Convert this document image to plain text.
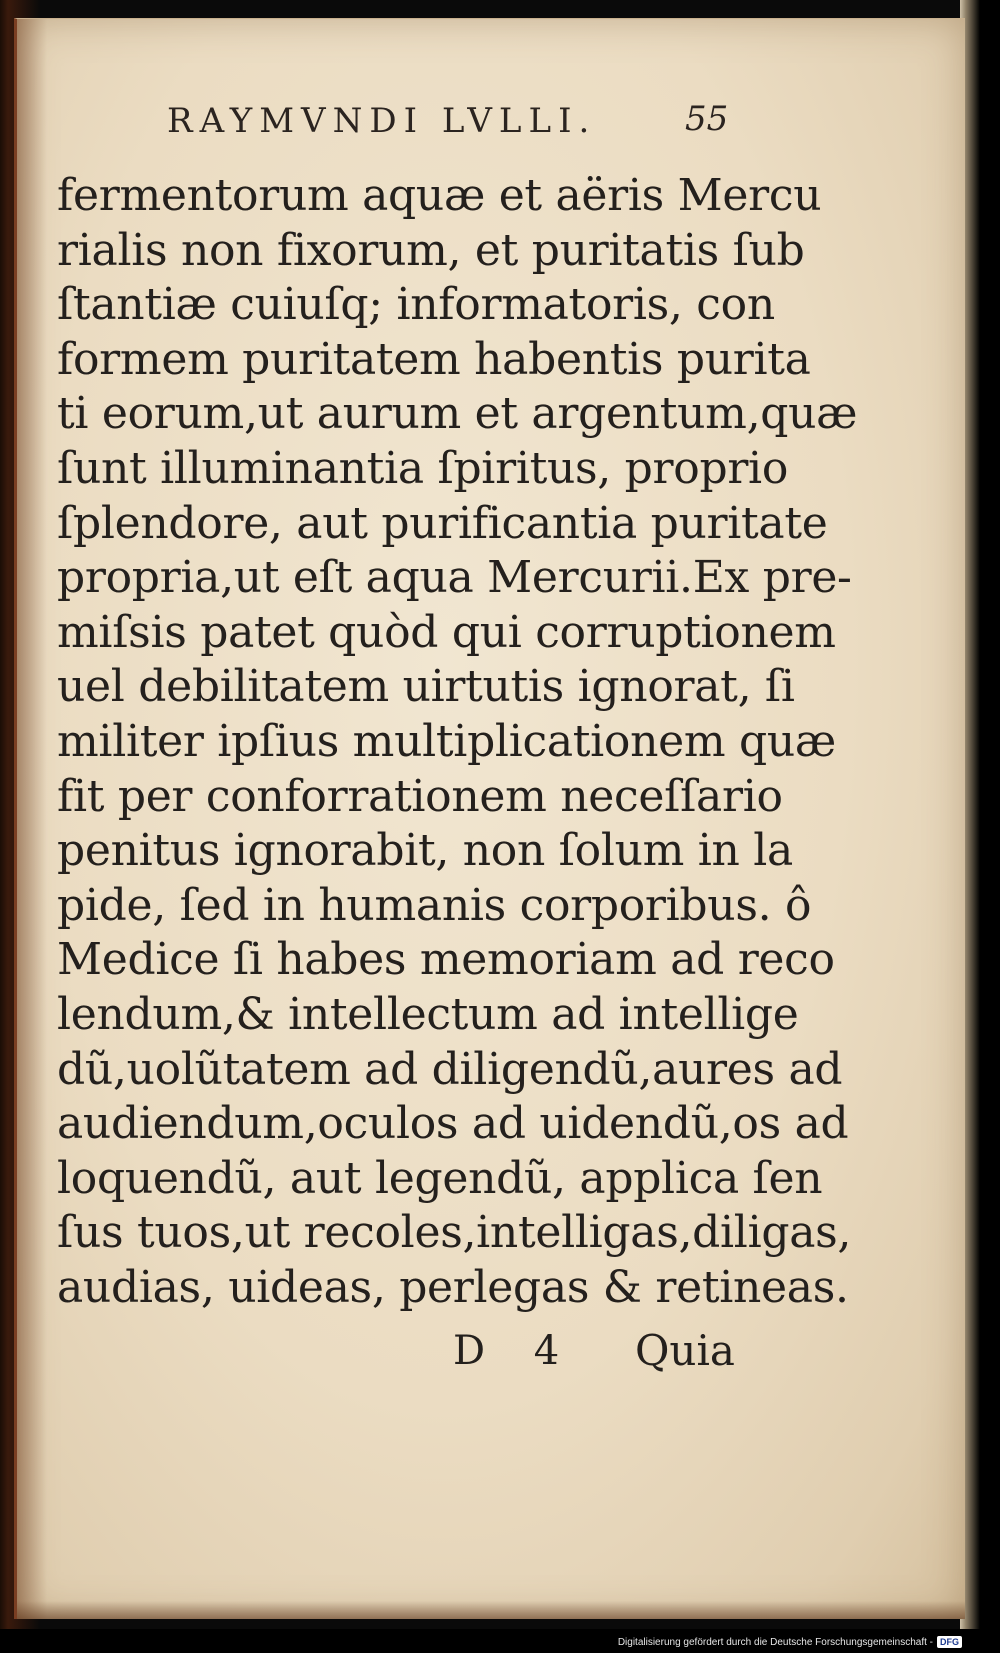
RAYMVNDI LVLLI.	55
fermentorum aquæ et aëris Mercu
rialis non fixorum, et puritatis ſub
ſtantiæ cuiuſq; informatoris, con
formem puritatem habentis purita
ti eorum,ut aurum et argentum,quæ
ſunt illuminantia ſpiritus, proprio
ſplendore, aut purificantia puritate
propria,ut eſt aqua Mercurii.Ex pre-
miſsis patet quòd qui corruptionem
uel debilitatem uirtutis ignorat, ſi
militer ipſius multiplicationem quæ
fit per conforrationem neceſſario
penitus ignorabit, non ſolum in la
pide, ſed in humanis corporibus. ô
Medice ſi habes memoriam ad reco
lendum,& intellectum ad intellige
dũ,uolũtatem ad diligendũ,aures ad
audiendum,oculos ad uidendũ,os ad
loquendũ, aut legendũ, applica ſen
ſus tuos,ut recoles,intelligas,diligas,
audias, uideas, perlegas & retineas.
D 4 Quia
Digitalisierung gefördert durch die Deutsche Forschungsgemeinschaft - DFG
